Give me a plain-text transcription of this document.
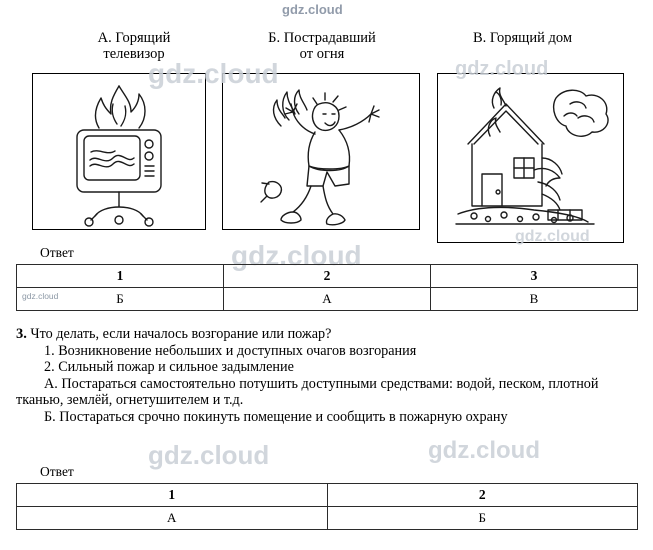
gdz.cloud
А. Горящий
телевизор
Б. Пострадавший
от огня
В. Горящий дом
gdz.cloud	gdz.cloud
gdz.cloud
gdz.cloud
Ответ
1	2	3
Б	А	В
gdz.cloud
3. Что делать, если началось возгорание или пожар?
1. Возникновение небольших и доступных очагов возгорания
2. Сильный пожар и сильное задымление
А. Постараться самостоятельно потушить доступными средствами: водой, песком, плотной тканью, землёй, огнетушителем и т.д.
Б. Постараться срочно покинуть помещение и сообщить в пожарную охрану
gdz.cloud	gdz.cloud
Ответ
1	2
А	Б
